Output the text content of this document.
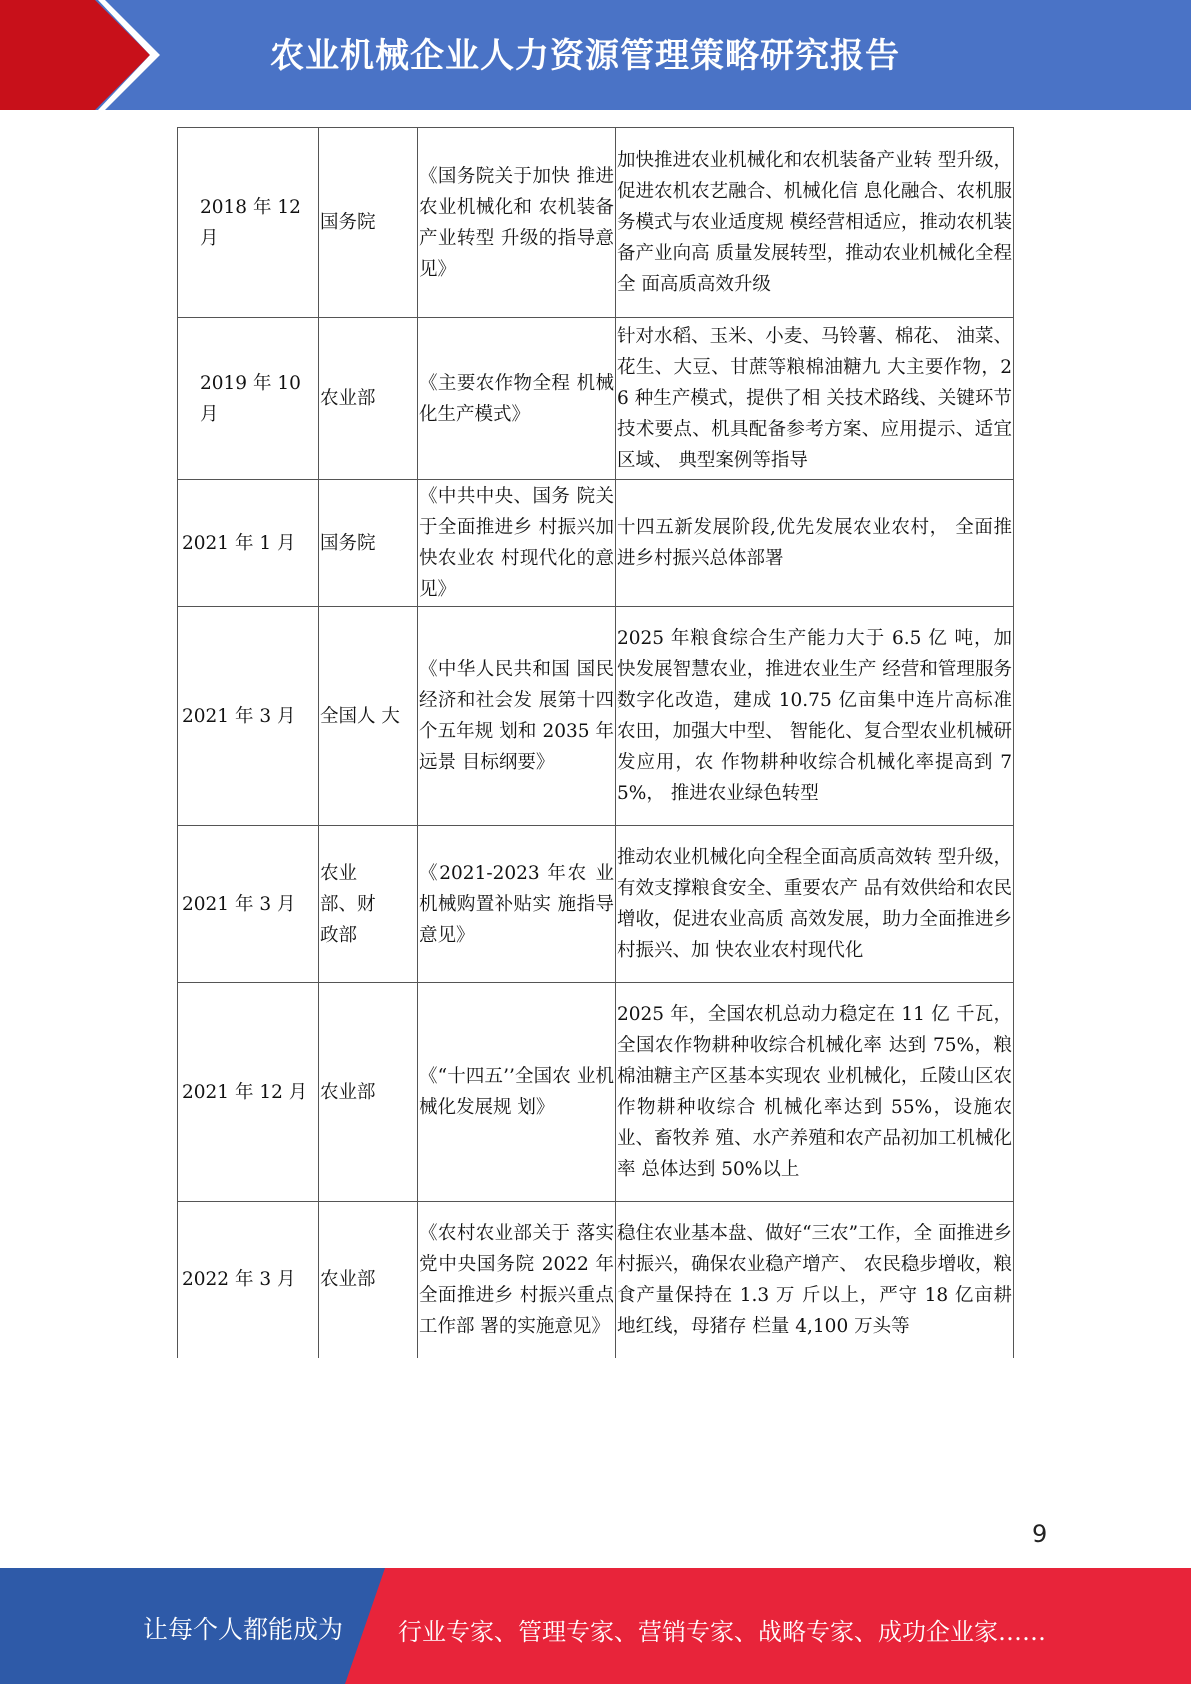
农业机械企业人力资源管理策略研究报告
2018 年 12 月	国务院	《国务院关于加快 推进农业机械化和 农机装备产业转型 升级的指导意见》	加快推进农业机械化和农机装备产业转 型升级，促进农机农艺融合、机械化信 息化融合、农机服务模式与农业适度规 模经营相适应，推动农机装备产业向高 质量发展转型，推动农业机械化全程全 面高质高效升级
2019 年 10 月	农业部	《主要农作物全程 机械化生产模式》	针对水稻、玉米、小麦、马铃薯、棉花、 油菜、花生、大豆、甘蔗等粮棉油糖九 大主要作物，26 种生产模式，提供了相 关技术路线、关键环节技术要点、机具配备参考方案、应用提示、适宜区域、 典型案例等指导
2021 年 1 月	国务院	《中共中央、国务 院关于全面推进乡 村振兴加快农业农 村现代化的意见》	十四五新发展阶段,优先发展农业农村， 全面推进乡村振兴总体部署
2021 年 3 月	全国人 大	《中华人民共和国 国民经济和社会发 展第十四个五年规 划和 2035 年远景 目标纲要》	2025 年粮食综合生产能力大于 6.5 亿 吨，加快发展智慧农业，推进农业生产 经营和管理服务数字化改造，建成 10.75 亿亩集中连片高标准农田，加强大中型、 智能化、复合型农业机械研发应用，农 作物耕种收综合机械化率提高到 75%， 推进农业绿色转型
2021 年 3 月	农业部、财政部	《2021-2023 年农 业机械购置补贴实 施指导意见》	推动农业机械化向全程全面高质高效转 型升级，有效支撑粮食安全、重要农产 品有效供给和农民增收，促进农业高质 高效发展，助力全面推进乡村振兴、加 快农业农村现代化
2021 年 12 月	农业部	《“十四五’’全国农 业机械化发展规 划》	2025 年，全国农机总动力稳定在 11 亿 千瓦，全国农作物耕种收综合机械化率 达到 75%，粮棉油糖主产区基本实现农 业机械化，丘陵山区农作物耕种收综合 机械化率达到 55%，设施农业、畜牧养 殖、水产养殖和农产品初加工机械化率 总体达到 50%以上
2022 年 3 月	农业部	《农村农业部关于 落实党中央国务院 2022 年全面推进乡 村振兴重点工作部 署的实施意见》	稳住农业基本盘、做好“三农”工作，全 面推进乡村振兴，确保农业稳产增产、 农民稳步增收，粮食产量保持在 1.3 万 斤以上，严守 18 亿亩耕地红线，母猪存 栏量 4,100 万头等
9
让每个人都能成为 行业专家、管理专家、营销专家、战略专家、成功企业家……
